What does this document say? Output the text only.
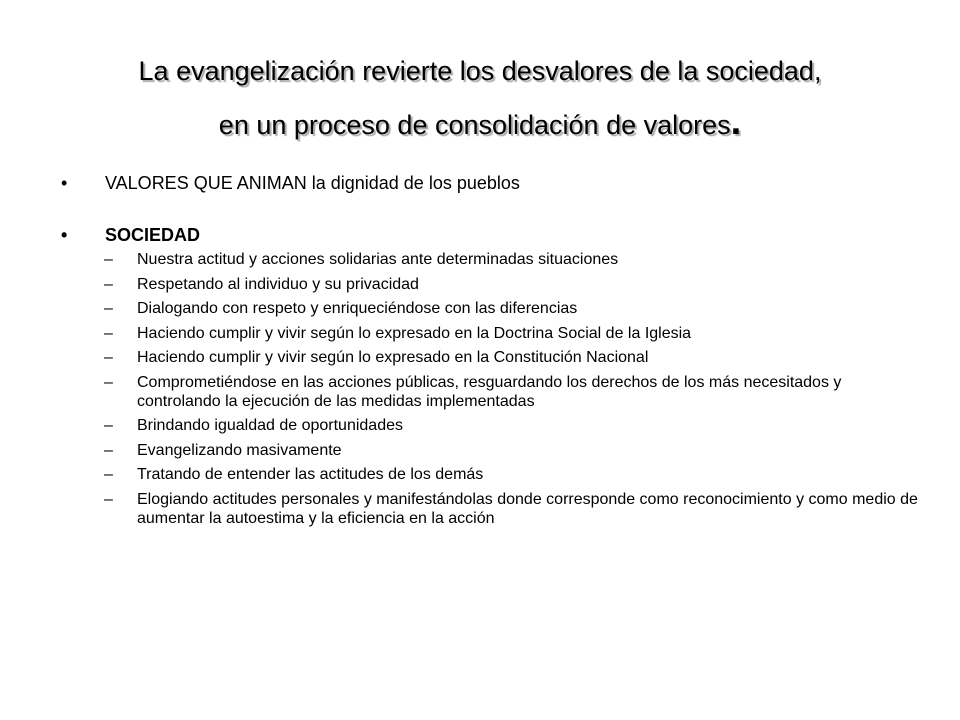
La evangelización revierte los desvalores de la sociedad,
en un proceso de consolidación de valores.
• VALORES QUE ANIMAN la dignidad de los pueblos
• SOCIEDAD
– Nuestra actitud y acciones solidarias ante determinadas situaciones
– Respetando al individuo y su privacidad
– Dialogando con respeto y enriqueciéndose con las diferencias
– Haciendo cumplir y vivir según lo expresado en la Doctrina Social de la Iglesia
– Haciendo cumplir y vivir según lo expresado en la Constitución Nacional
– Comprometiéndose en las acciones públicas, resguardando los derechos de los más necesitados y controlando la ejecución de las medidas implementadas
– Brindando igualdad de oportunidades
– Evangelizando masivamente
– Tratando de entender las actitudes de los demás
– Elogiando actitudes personales y manifestándolas donde corresponde como reconocimiento y como medio de aumentar la autoestima y la eficiencia en la acción
